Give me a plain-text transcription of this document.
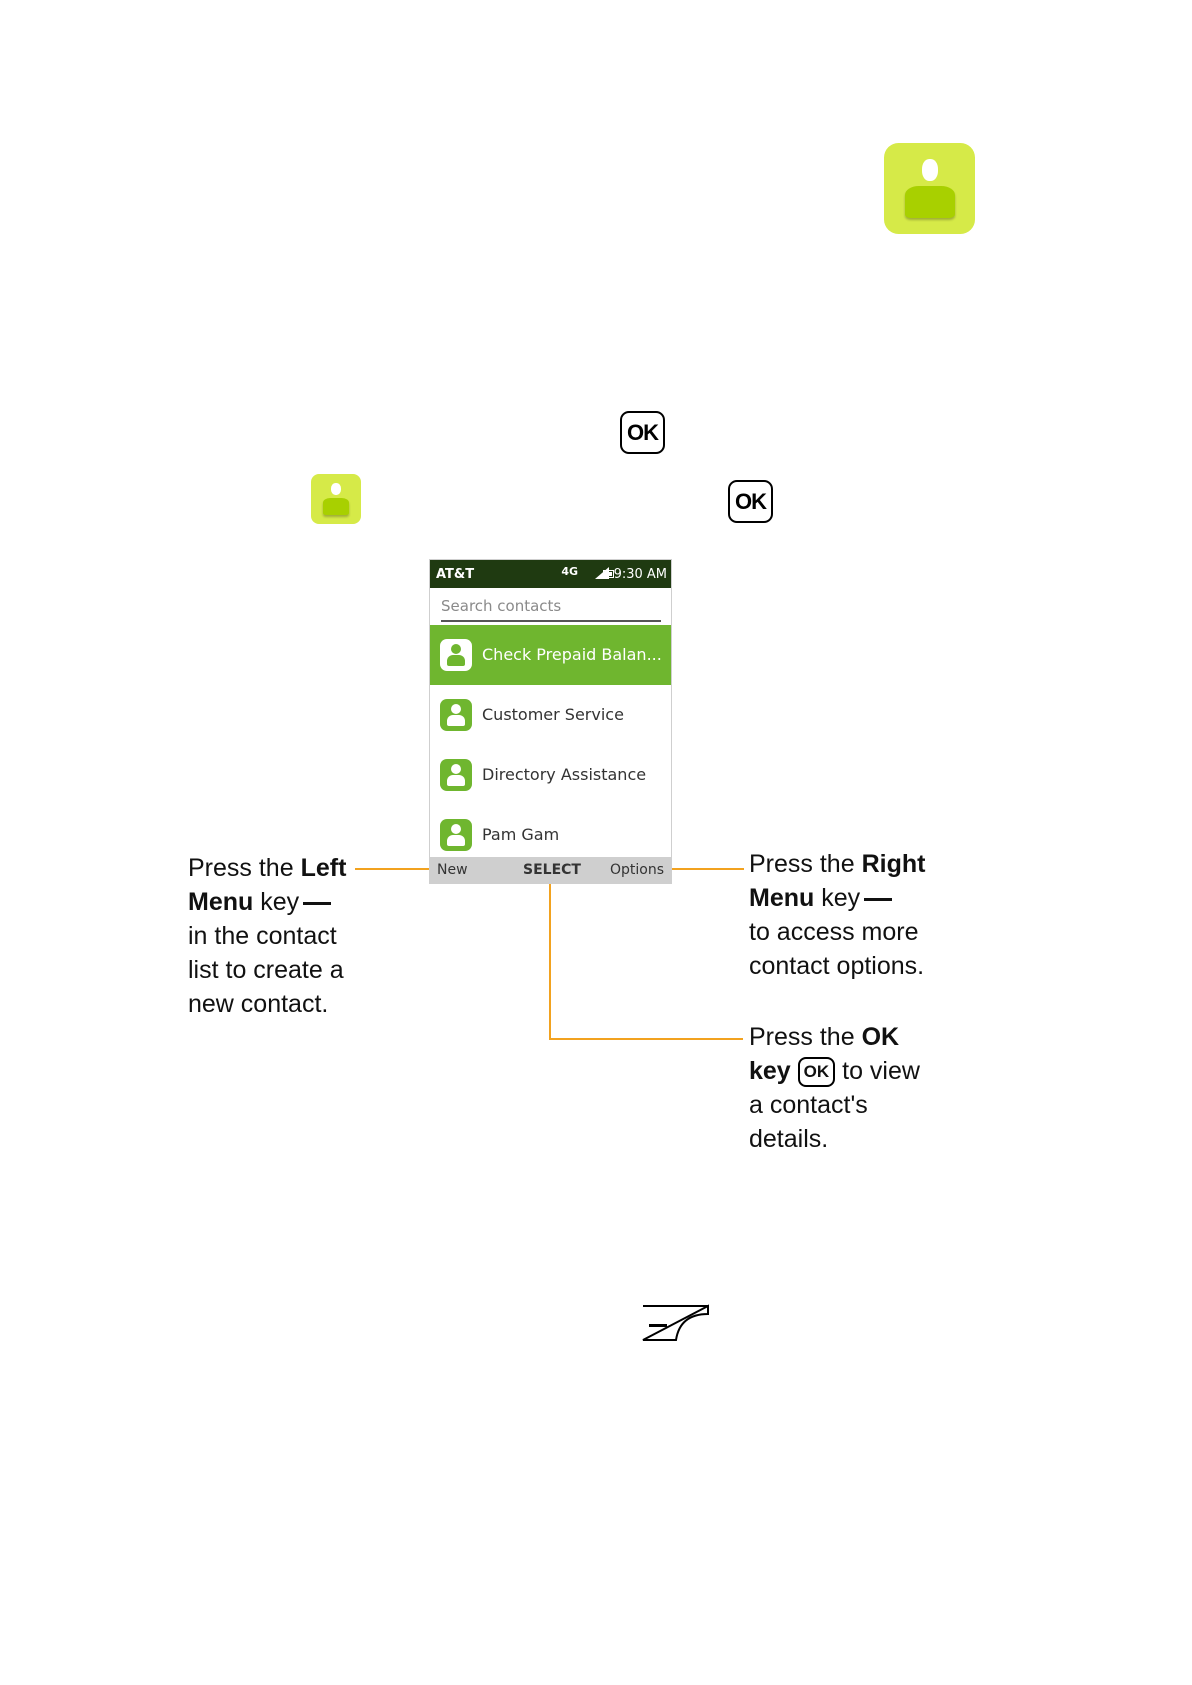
OK
OK
AT&T	4G	9:30 AM
Search contacts
Check Prepaid Balan...
Customer Service
Directory Assistance
Pam Gam
New	SELECT Options
Press the Left
Menu key
in the contact
list to create a
new contact.
Press the Right
Menu key
to access more
contact options.
Press the OK
key OK to view
a contact's
details.
